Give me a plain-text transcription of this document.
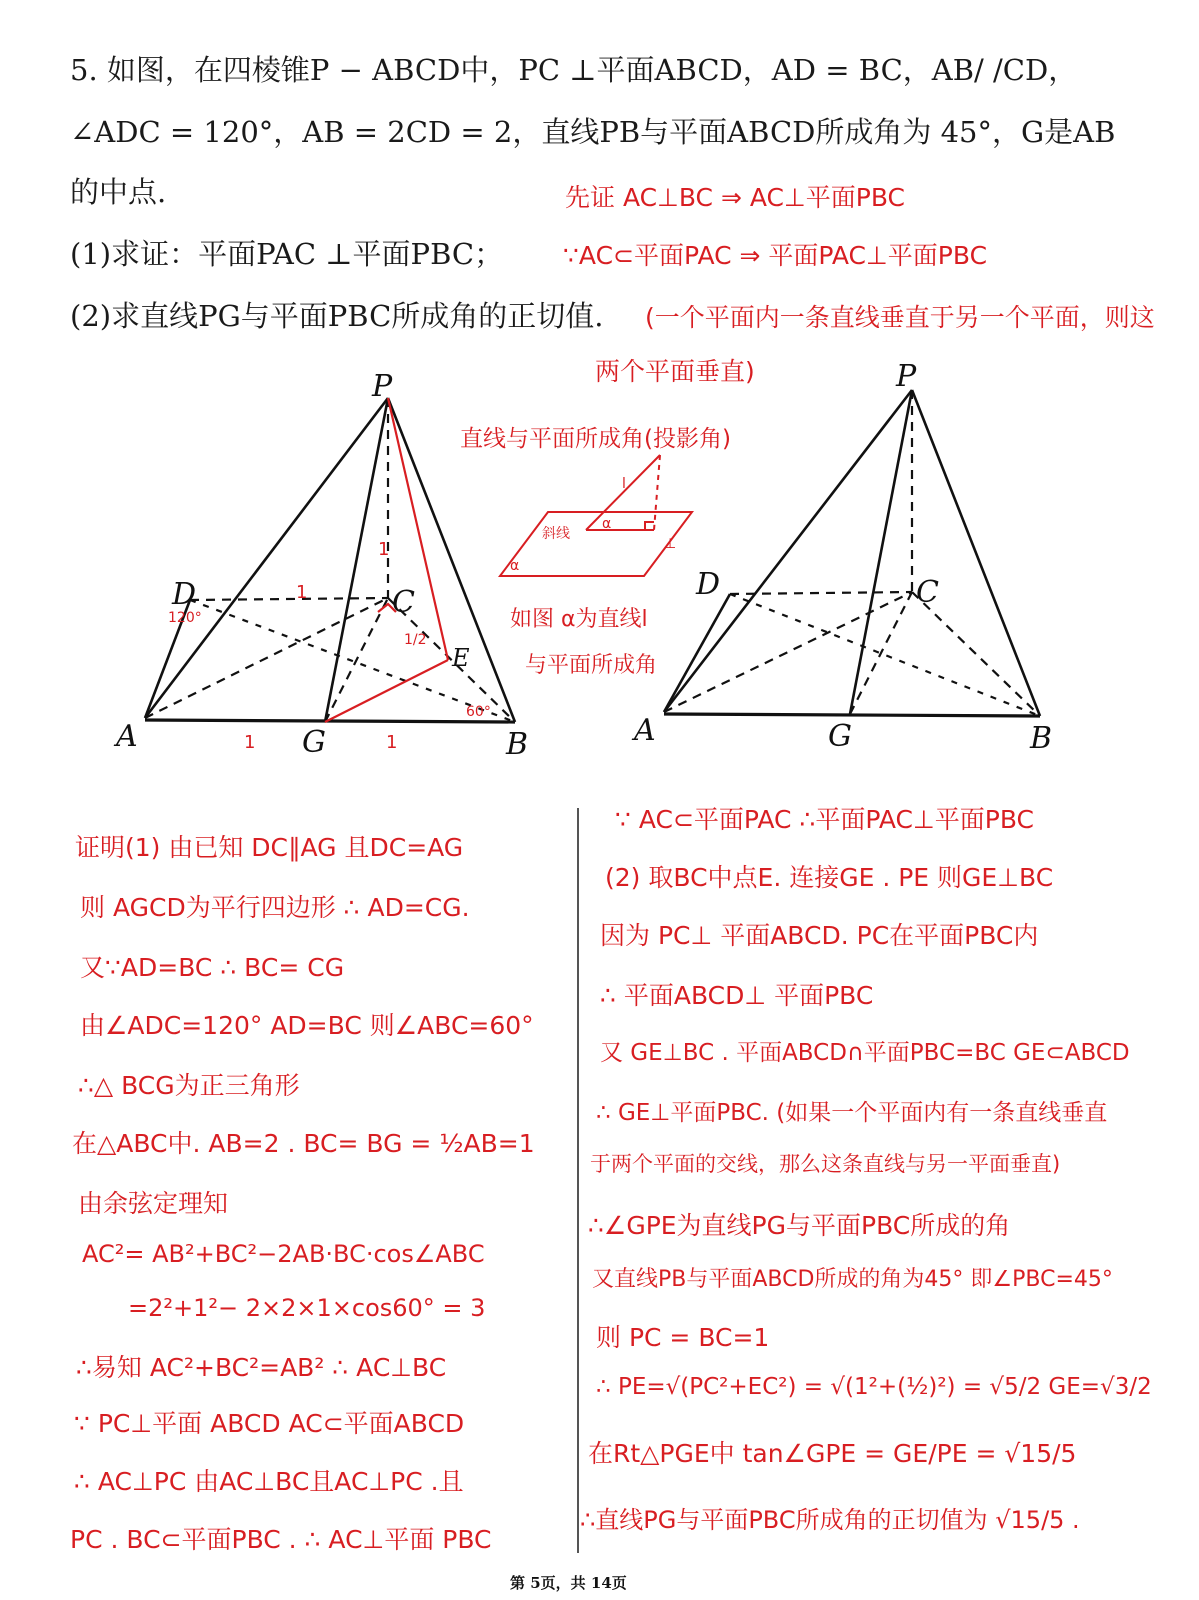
5. 如图，在四棱锥P − ABCD中，PC ⊥平面ABCD，AD = BC，AB/ /CD，
∠ADC = 120°，AB = 2CD = 2，直线PB与平面ABCD所成角为 45°，G是AB
的中点.
(1)求证：平面PAC ⊥平面PBC；
(2)求直线PG与平面PBC所成角的正切值.
先证 AC⊥BC ⇒ AC⊥平面PBC
∵AC⊂平面PAC ⇒ 平面PAC⊥平面PBC
(一个平面内一条直线垂直于另一个平面，则这
两个平面垂直)
P
D	C
A	G	B
E
120°
60°
1
1
1/2
1	1
直线与平面所成角(投影角)
l
斜线
α
⊥
α
如图 α为直线l
与平面所成角
P
D	C
A	G	B
证明(1) 由已知 DC∥AG 且DC=AG
则 AGCD为平行四边形 ∴ AD=CG.
又∵AD=BC ∴ BC= CG
由∠ADC=120° AD=BC 则∠ABC=60°
∴△ BCG为正三角形
在△ABC中. AB=2 . BC= BG = ½AB=1
由余弦定理知
AC²= AB²+BC²−2AB·BC·cos∠ABC
=2²+1²− 2×2×1×cos60° = 3
∴易知 AC²+BC²=AB² ∴ AC⊥BC
∵ PC⊥平面 ABCD AC⊂平面ABCD
∴ AC⊥PC 由AC⊥BC且AC⊥PC .且
PC . BC⊂平面PBC . ∴ AC⊥平面 PBC
∵ AC⊂平面PAC ∴平面PAC⊥平面PBC
(2) 取BC中点E. 连接GE . PE 则GE⊥BC
因为 PC⊥ 平面ABCD. PC在平面PBC内
∴ 平面ABCD⊥ 平面PBC
又 GE⊥BC . 平面ABCD∩平面PBC=BC GE⊂ABCD
∴ GE⊥平面PBC. (如果一个平面内有一条直线垂直
于两个平面的交线，那么这条直线与另一平面垂直)
∴∠GPE为直线PG与平面PBC所成的角
又直线PB与平面ABCD所成的角为45° 即∠PBC=45°
则 PC = BC=1
∴ PE=√(PC²+EC²) = √(1²+(½)²) = √5/2 GE=√3/2
在Rt△PGE中 tan∠GPE = GE/PE = √15/5
∴直线PG与平面PBC所成角的正切值为 √15/5 .
第 5页，共 14页
